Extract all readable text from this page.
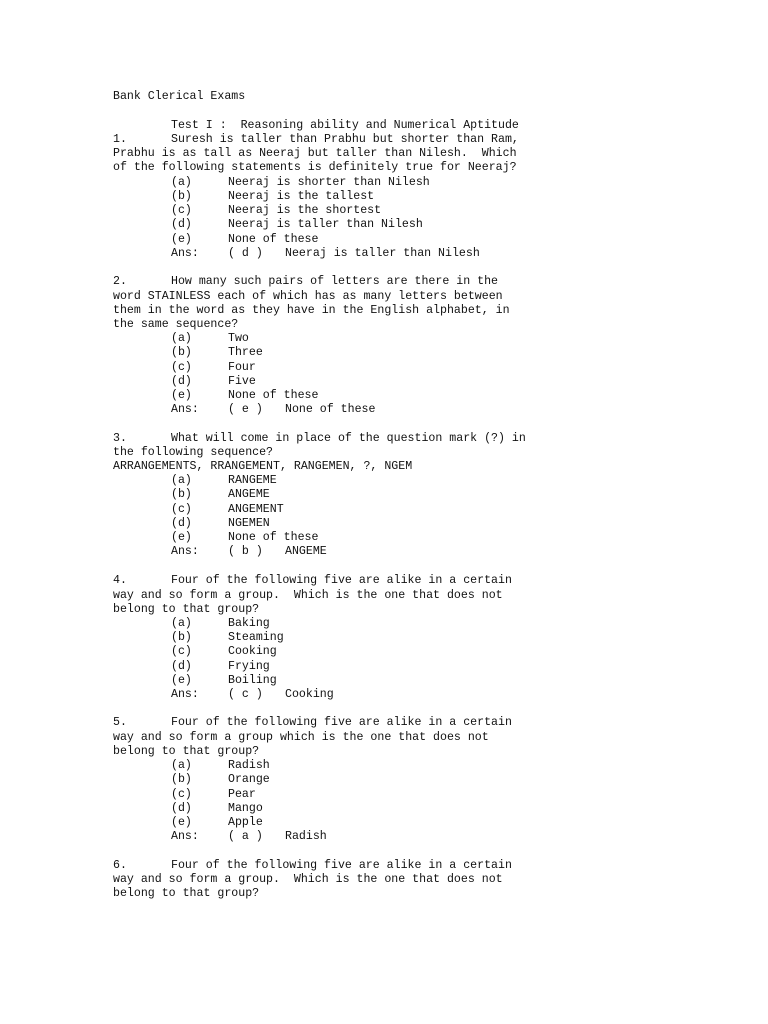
Bank Clerical Exams
Test I :  Reasoning ability and Numerical Aptitude
1.	Suresh is taller than Prabhu but shorter than Ram,
Prabhu is as tall as Neeraj but taller than Nilesh.  Which
of the following statements is definitely true for Neeraj?
(a)	Neeraj is shorter than Nilesh
(b)	Neeraj is the tallest
(c)	Neeraj is the shortest
(d)	Neeraj is taller than Nilesh
(e)	None of these
Ans:	( d ) Neeraj is taller than Nilesh
2.	How many such pairs of letters are there in the
word STAINLESS each of which has as many letters between
them in the word as they have in the English alphabet, in
the same sequence?
(a)	Two
(b)	Three
(c)	Four
(d)	Five
(e)	None of these
Ans:	( e ) None of these
3.	What will come in place of the question mark (?) in
the following sequence?
ARRANGEMENTS, RRANGEMENT, RANGEMEN, ?, NGEM
(a)	RANGEME
(b)	ANGEME
(c)	ANGEMENT
(d)	NGEMEN
(e)	None of these
Ans:	( b ) ANGEME
4.	Four of the following five are alike in a certain
way and so form a group.  Which is the one that does not
belong to that group?
(a)	Baking
(b)	Steaming
(c)	Cooking
(d)	Frying
(e)	Boiling
Ans:	( c ) Cooking
5.	Four of the following five are alike in a certain
way and so form a group which is the one that does not
belong to that group?
(a)	Radish
(b)	Orange
(c)	Pear
(d)	Mango
(e)	Apple
Ans:	( a ) Radish
6.	Four of the following five are alike in a certain
way and so form a group.  Which is the one that does not
belong to that group?
